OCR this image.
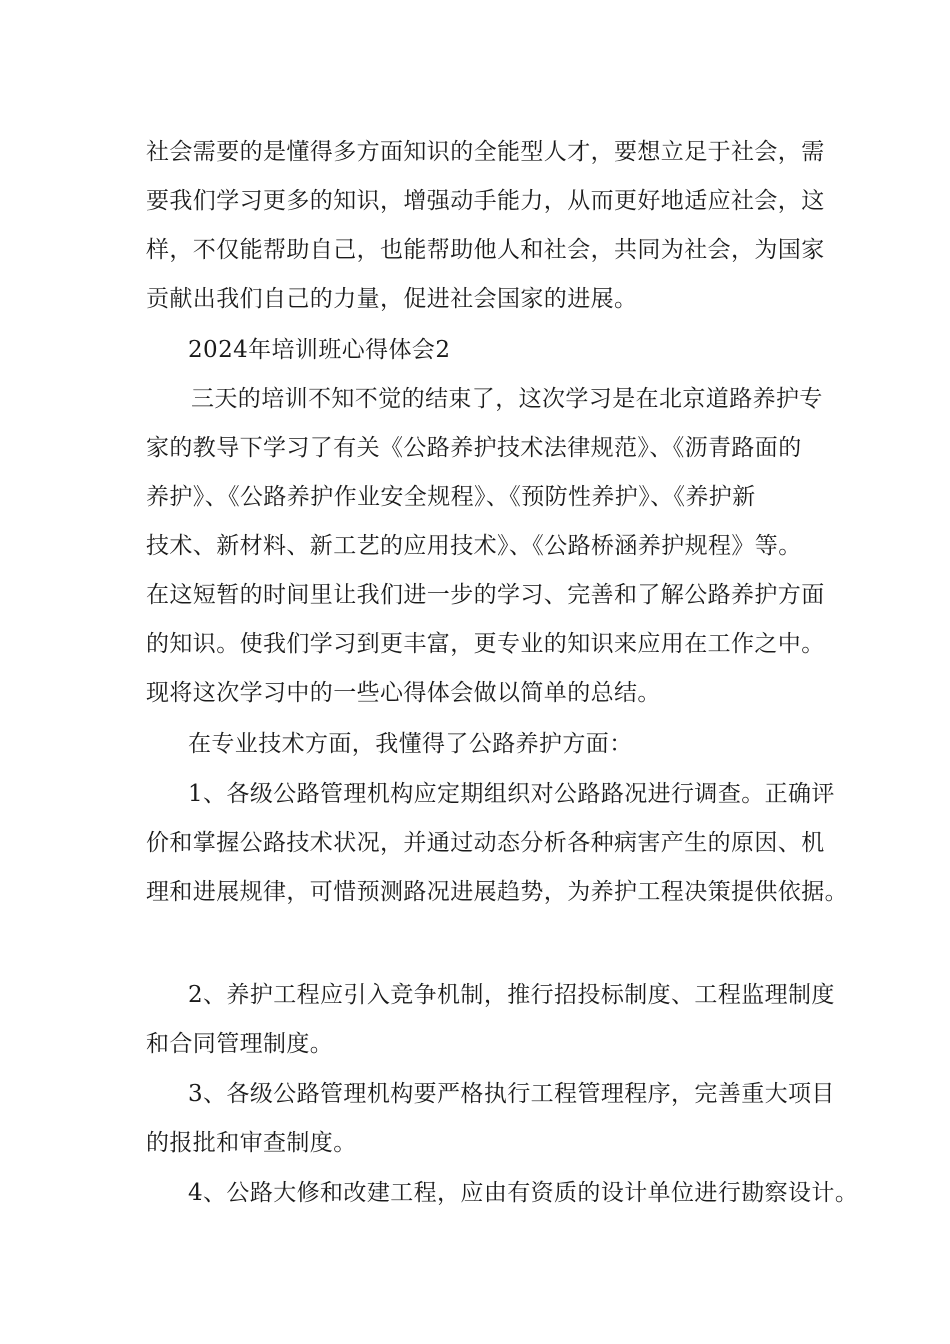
社会需要的是懂得多方面知识的全能型人才，要想立足于社会，需
要我们学习更多的知识，增强动手能力，从而更好地适应社会，这
样，不仅能帮助自己，也能帮助他人和社会，共同为社会，为国家
贡献出我们自己的力量，促进社会国家的进展。
2024年培训班心得体会2
三天的培训不知不觉的结束了，这次学习是在北京道路养护专
家的教导下学习了有关《公路养护技术法律规范》、《沥青路面的
养护》、《公路养护作业安全规程》、《预防性养护》、《养护新
技术、新材料、新工艺的应用技术》、《公路桥涵养护规程》等。
在这短暂的时间里让我们进一步的学习、完善和了解公路养护方面
的知识。使我们学习到更丰富，更专业的知识来应用在工作之中。
现将这次学习中的一些心得体会做以简单的总结。
在专业技术方面，我懂得了公路养护方面：
1、各级公路管理机构应定期组织对公路路况进行调查。正确评
价和掌握公路技术状况，并通过动态分析各种病害产生的原因、机
理和进展规律，可惜预测路况进展趋势，为养护工程决策提供依据。
2、养护工程应引入竞争机制，推行招投标制度、工程监理制度
和合同管理制度。
3、各级公路管理机构要严格执行工程管理程序，完善重大项目
的报批和审查制度。
4、公路大修和改建工程，应由有资质的设计单位进行勘察设计。
